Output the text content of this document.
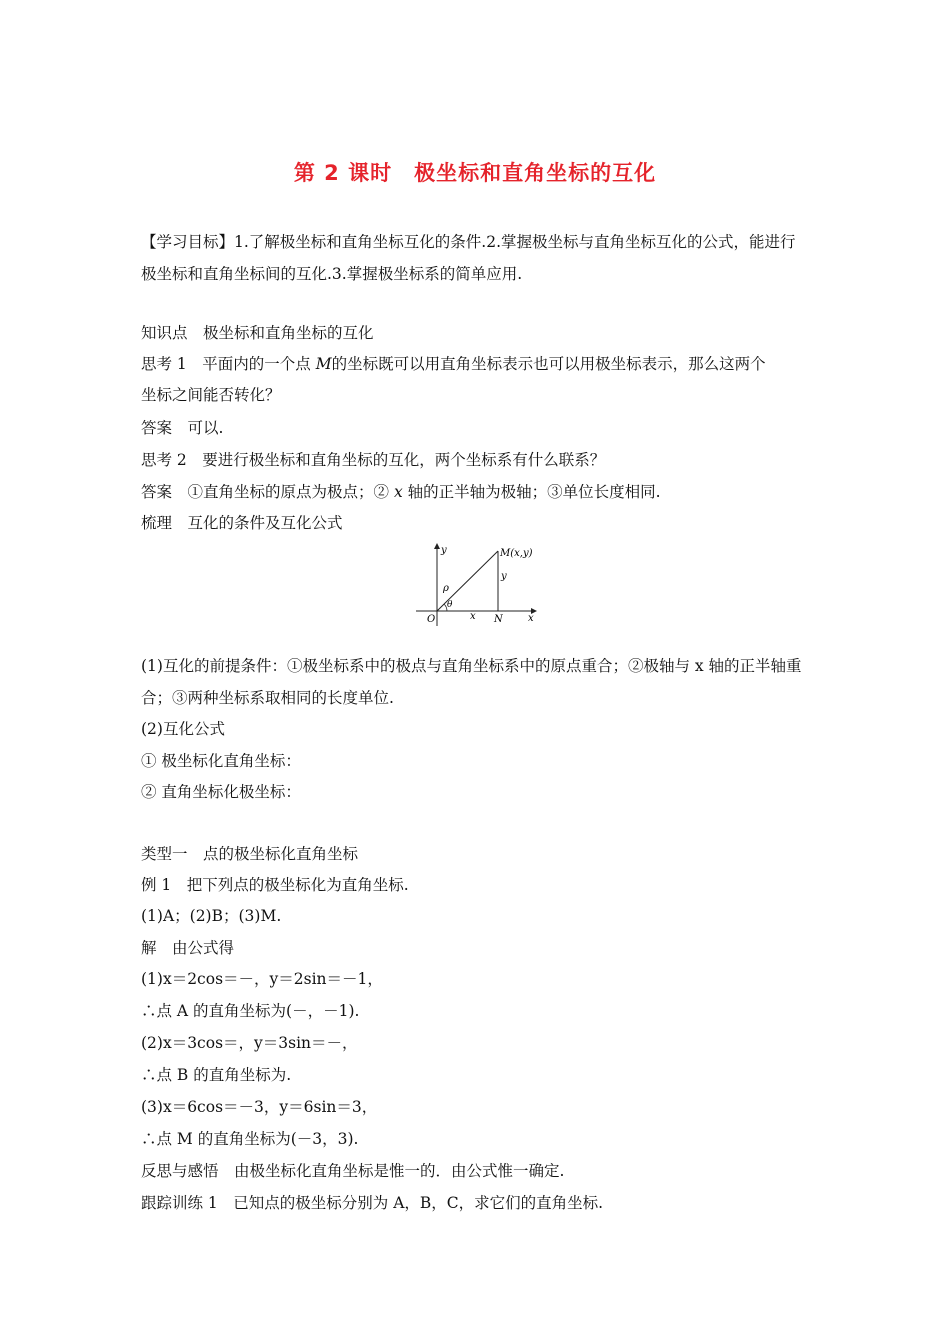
第 2 课时　极坐标和直角坐标的互化
【学习目标】1.了解极坐标和直角坐标互化的条件.2.掌握极坐标与直角坐标互化的公式，能进行极坐标和直角坐标间的互化.3.掌握极坐标系的简单应用.
知识点　极坐标和直角坐标的互化
思考 1　平面内的一个点 M的坐标既可以用直角坐标表示也可以用极坐标表示，那么这两个
坐标之间能否转化？
答案　可以.
思考 2　要进行极坐标和直角坐标的互化，两个坐标系有什么联系？
答案　①直角坐标的原点为极点；② x 轴的正半轴为极轴；③单位长度相同.
梳理　互化的条件及互化公式
y	M(x,y)
y
ρ
θ
O	x N	x
(1)互化的前提条件：①极坐标系中的极点与直角坐标系中的原点重合；②极轴与 x 轴的正半轴重合；③两种坐标系取相同的长度单位.
(2)互化公式
① 极坐标化直角坐标：
② 直角坐标化极坐标：
类型一　点的极坐标化直角坐标
例 1　把下列点的极坐标化为直角坐标.
(1)A；(2)B；(3)M.
解　由公式得
(1)x＝2cos＝－，y＝2sin＝－1，
∴点 A 的直角坐标为(－，－1).
(2)x＝3cos＝，y＝3sin＝－，
∴点 B 的直角坐标为.
(3)x＝6cos＝－3，y＝6sin＝3，
∴点 M 的直角坐标为(－3，3).
反思与感悟　由极坐标化直角坐标是惟一的．由公式惟一确定.
跟踪训练 1　已知点的极坐标分别为 A，B，C，求它们的直角坐标.
